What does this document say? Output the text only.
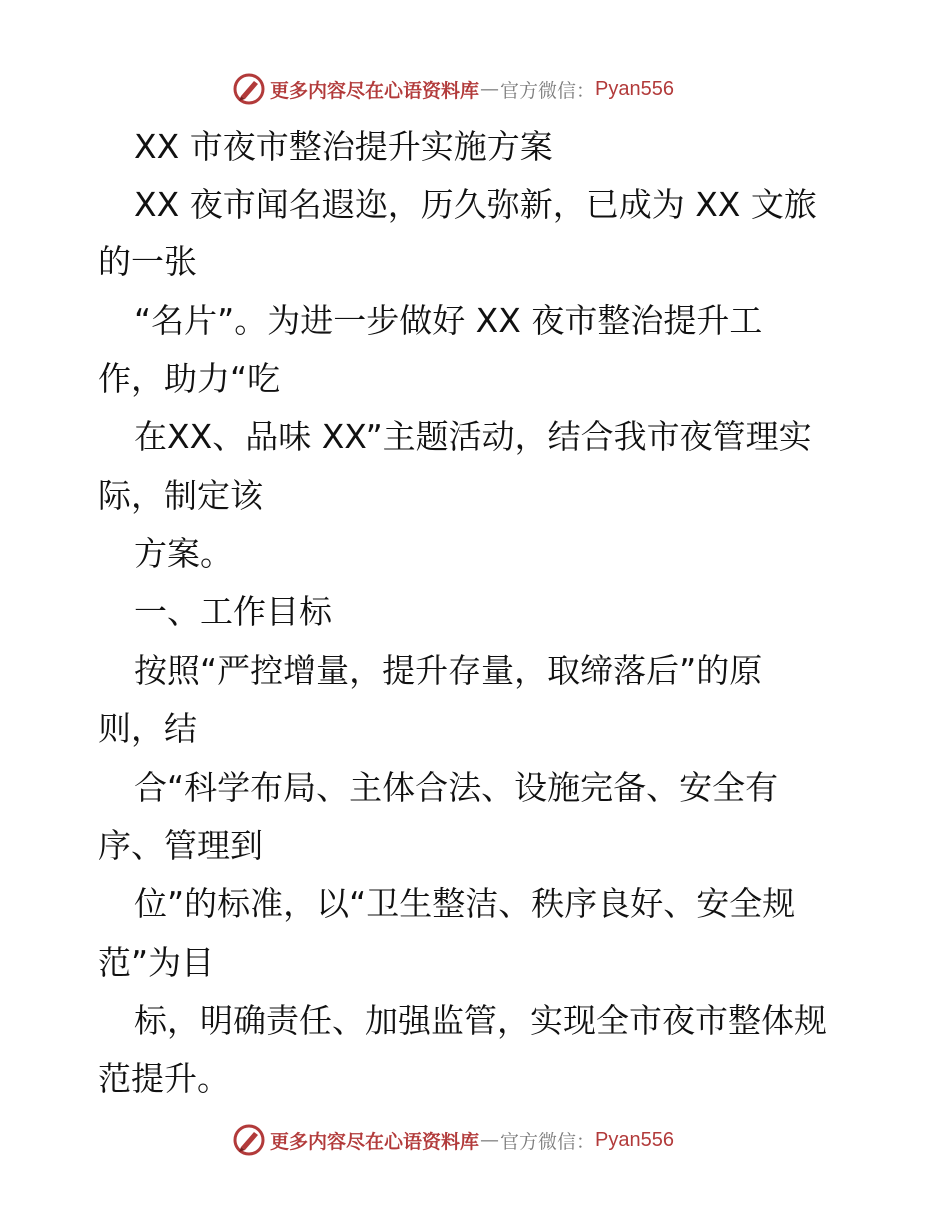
更多内容尽在心语资料库 — 官方微信： Pyan556
XX 市夜市整治提升实施方案
XX 夜市闻名遐迩，历久弥新，已成为 XX 文旅
的一张
“名片”。为进一步做好 XX 夜市整治提升工
作，助力“吃
在XX、品味 XX”主题活动，结合我市夜管理实
际，制定该
方案。
一、工作目标
按照“严控增量，提升存量，取缔落后”的原
则，结
合“科学布局、主体合法、设施完备、安全有
序、管理到
位”的标准，以“卫生整洁、秩序良好、安全规
范”为目
标，明确责任、加强监管，实现全市夜市整体规
范提升。
更多内容尽在心语资料库 — 官方微信： Pyan556
